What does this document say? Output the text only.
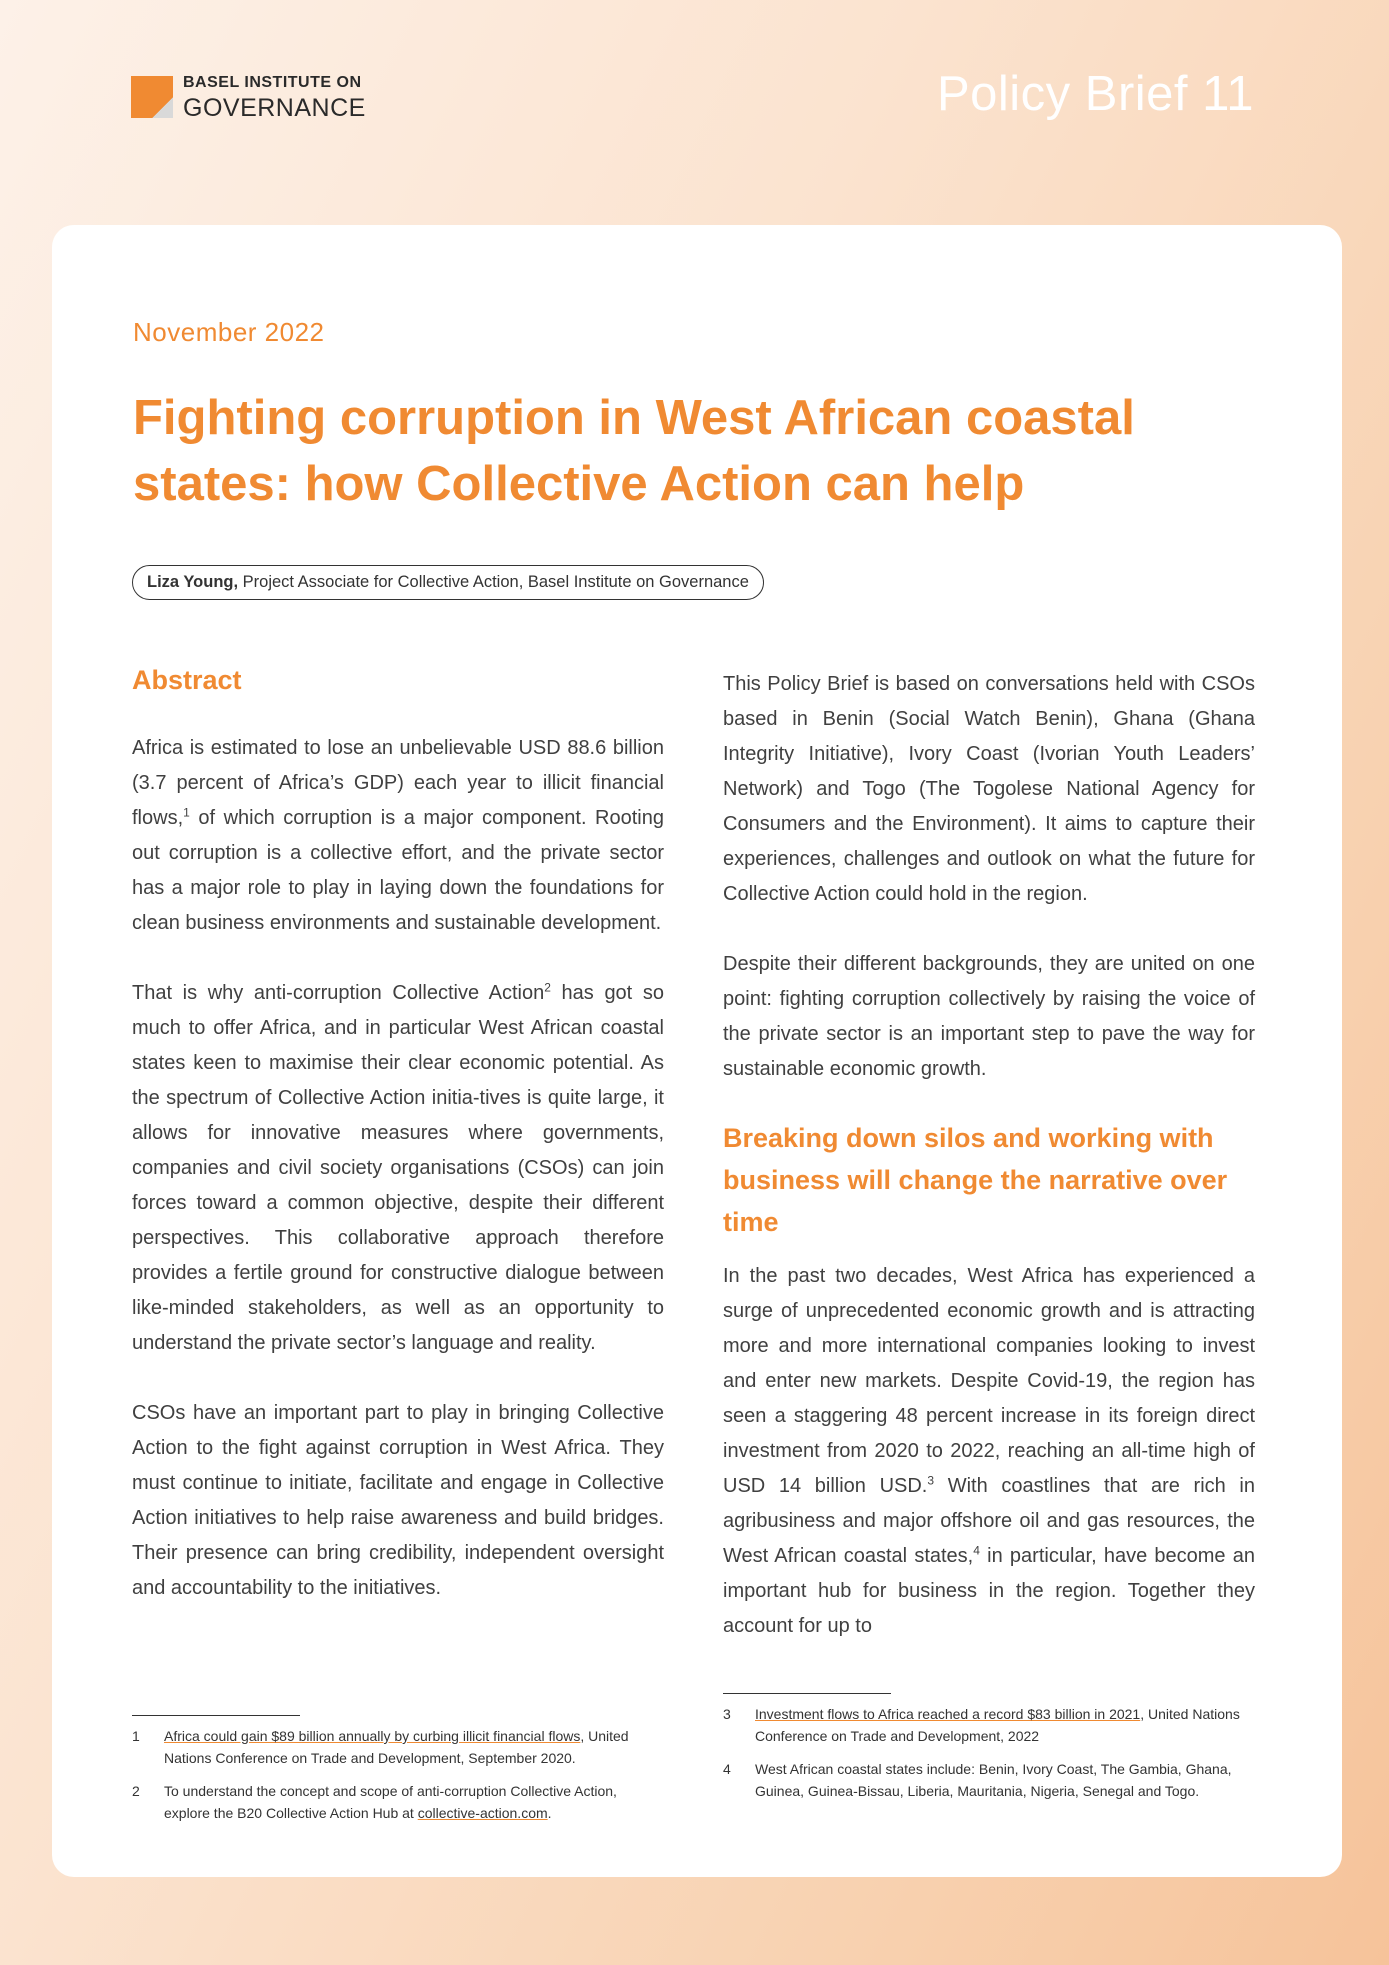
BASEL INSTITUTE ON
GOVERNANCE	Policy Brief 11
November 2022
Fighting corruption in West African coastal states: how Collective Action can help
Liza Young, Project Associate for Collective Action, Basel Institute on Governance
Abstract

Africa is estimated to lose an unbelievable USD 88.6 billion (3.7 percent of Africa’s GDP) each year to illicit financial flows,$^1$ of which corruption is a major component. Rooting out corruption is a collective effort, and the private sector has a major role to play in laying down the foundations for clean business environments and sustainable development.

That is why anti-corruption Collective Action$^2$ has got so much to offer Africa, and in particular West African coastal states keen to maximise their clear economic potential. As the spectrum of Collective Action initia-tives is quite large, it allows for innovative measures where governments, companies and civil society organisations (CSOs) can join forces toward a common objective, despite their different perspectives. This collaborative approach therefore provides a fertile ground for constructive dialogue between like-minded stakeholders, as well as an opportunity to understand the private sector’s language and reality.

CSOs have an important part to play in bringing Collective Action to the fight against corruption in West Africa. They must continue to initiate, facilitate and engage in Collective Action initiatives to help raise awareness and build bridges. Their presence can bring credibility, independent oversight and accountability to the initiatives.

This Policy Brief is based on conversations held with CSOs based in Benin (Social Watch Benin), Ghana (Ghana Integrity Initiative), Ivory Coast (Ivorian Youth Leaders’ Network) and Togo (The Togolese National Agency for Consumers and the Environment). It aims to capture their experiences, challenges and outlook on what the future for Collective Action could hold in the region.

Despite their different backgrounds, they are united on one point: fighting corruption collectively by raising the voice of the private sector is an important step to pave the way for sustainable economic growth.

Breaking down silos and working with business will change the narrative over time

In the past two decades, West Africa has experienced a surge of unprecedented economic growth and is attracting more and more international companies looking to invest and enter new markets. Despite Covid-19, the region has seen a staggering 48 percent increase in its foreign direct investment from 2020 to 2022, reaching an all-time high of USD 14 billion USD.$^3$ With coastlines that are rich in agribusiness and major offshore oil and gas resources, the West African coastal states,$^4$ in particular, have become an important hub for business in the region. Together they account for up to

1 Africa could gain $89 billion annually by curbing illicit financial flows, United Nations Conference on Trade and Development, September 2020.
2 To understand the concept and scope of anti-corruption Collective Action, explore the B20 Collective Action Hub at collective-action.com.
3 Investment flows to Africa reached a record $83 billion in 2021, United Nations Conference on Trade and Development, 2022
4 West African coastal states include: Benin, Ivory Coast, The Gambia, Ghana, Guinea, Guinea-Bissau, Liberia, Mauritania, Nigeria, Senegal and Togo.
